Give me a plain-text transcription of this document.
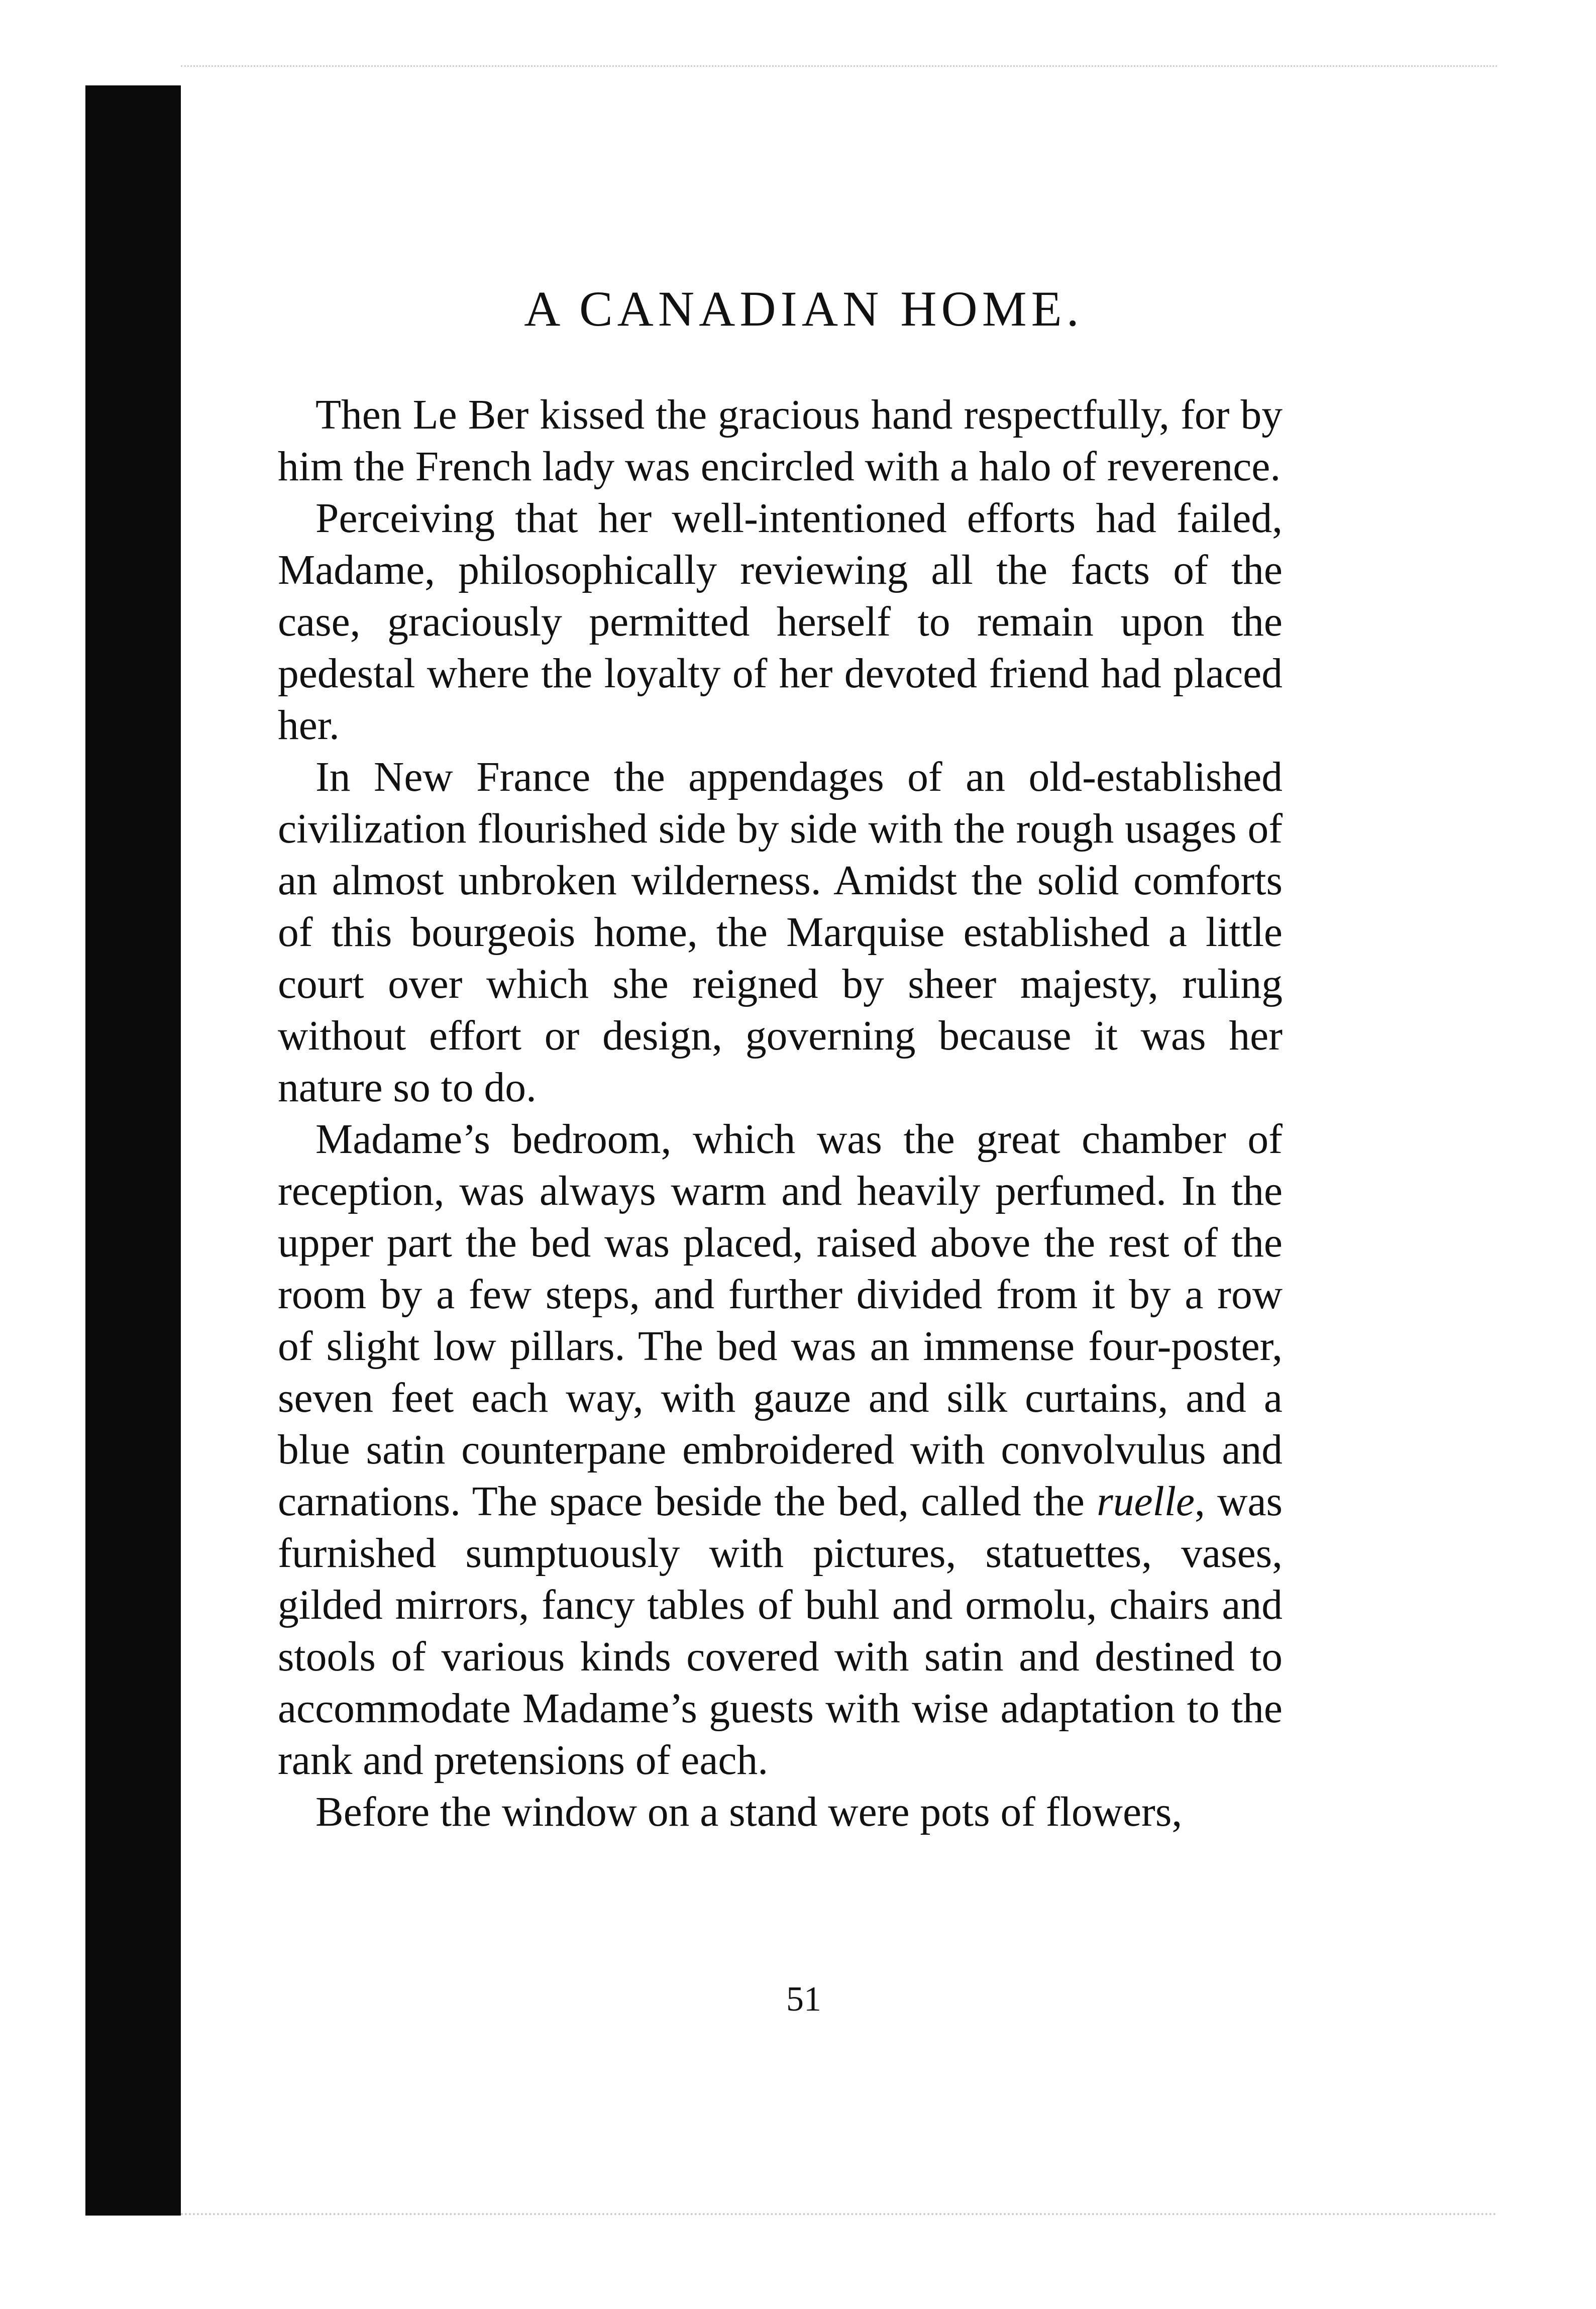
A CANADIAN HOME.

Then Le Ber kissed the gracious hand respectfully, for by him the French lady was encircled with a halo of reverence.

Perceiving that her well-intentioned efforts had failed, Madame, philosophically reviewing all the facts of the case, graciously permitted herself to remain upon the pedestal where the loyalty of her devoted friend had placed her.

In New France the appendages of an old-established civilization flourished side by side with the rough usages of an almost unbroken wilderness. Amidst the solid comforts of this bourgeois home, the Marquise established a little court over which she reigned by sheer majesty, ruling without effort or design, governing because it was her nature so to do.

Madame’s bedroom, which was the great chamber of reception, was always warm and heavily perfumed. In the upper part the bed was placed, raised above the rest of the room by a few steps, and further divided from it by a row of slight low pillars. The bed was an immense four-poster, seven feet each way, with gauze and silk curtains, and a blue satin counterpane embroidered with convolvulus and carnations. The space beside the bed, called the ruelle, was furnished sumptuously with pictures, statuettes, vases, gilded mirrors, fancy tables of buhl and ormolu, chairs and stools of various kinds covered with satin and destined to accommodate Madame’s guests with wise adaptation to the rank and pretensions of each.

Before the window on a stand were pots of flowers,

51
